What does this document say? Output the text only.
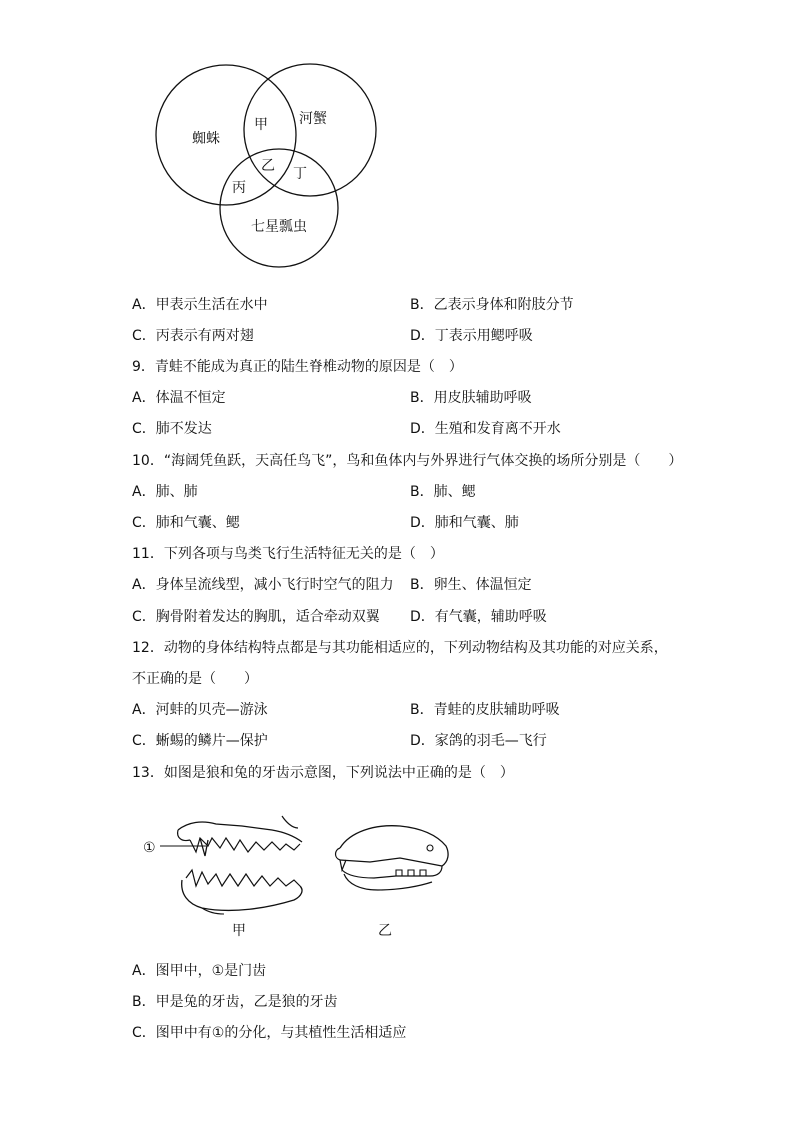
蜘蛛
河蟹
七星瓢虫
甲
乙
丙
丁
A．甲表示生活在水中	B．乙表示身体和附肢分节
C．丙表示有两对翅	D．丁表示用鳃呼吸
9．青蛙不能成为真正的陆生脊椎动物的原因是（　）
A．体温不恒定	B．用皮肤辅助呼吸
C．肺不发达	D．生殖和发育离不开水
10．“海阔凭鱼跃，天高任鸟飞”，鸟和鱼体内与外界进行气体交换的场所分别是（　　）
A．肺、肺	B．肺、鳃
C．肺和气囊、鳃	D．肺和气囊、肺
11．下列各项与鸟类飞行生活特征无关的是（　）
A．身体呈流线型，减小飞行时空气的阻力 B．卵生、体温恒定
C．胸骨附着发达的胸肌，适合牵动双翼 D．有气囊，辅助呼吸
12．动物的身体结构特点都是与其功能相适应的，下列动物结构及其功能的对应关系，
不正确的是（　　）
A．河蚌的贝壳—游泳	B．青蛙的皮肤辅助呼吸
C．蜥蜴的鳞片—保护	D．家鸽的羽毛—飞行
13．如图是狼和兔的牙齿示意图，下列说法中正确的是（　）
①
甲	乙
A．图甲中，①是门齿
B．甲是兔的牙齿，乙是狼的牙齿
C．图甲中有①的分化，与其植性生活相适应
